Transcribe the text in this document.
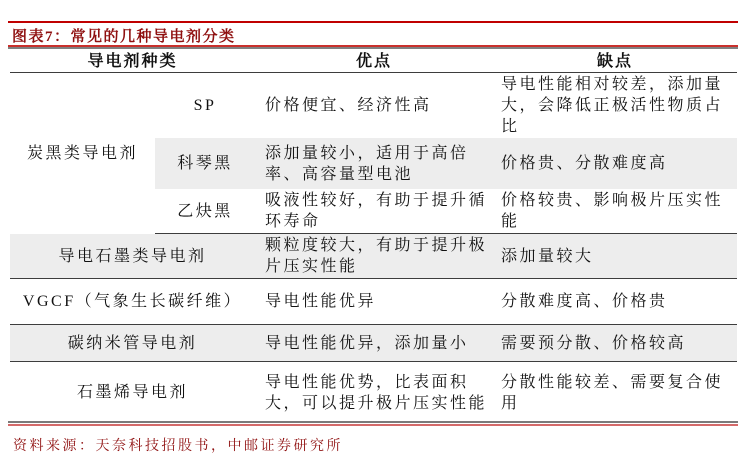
图表7：常见的几种导电剂分类
导电剂种类		优点	缺点
炭黑类导电剂	SP	价格便宜、经济性高	导电性能相对较差，添加量大，会降低正极活性物质占比
	科琴黑	添加量较小，适用于高倍率、高容量型电池	价格贵、分散难度高
	乙炔黑	吸液性较好，有助于提升循环寿命	价格较贵、影响极片压实性能
导电石墨类导电剂		颗粒度较大，有助于提升极片压实性能	添加量较大
VGCF（气象生长碳纤维）		导电性能优异	分散难度高、价格贵
碳纳米管导电剂		导电性能优异，添加量小	需要预分散、价格较高
石墨烯导电剂		导电性能优势，比表面积大，可以提升极片压实性能	分散性能较差、需要复合使用
资料来源：天奈科技招股书，中邮证券研究所
